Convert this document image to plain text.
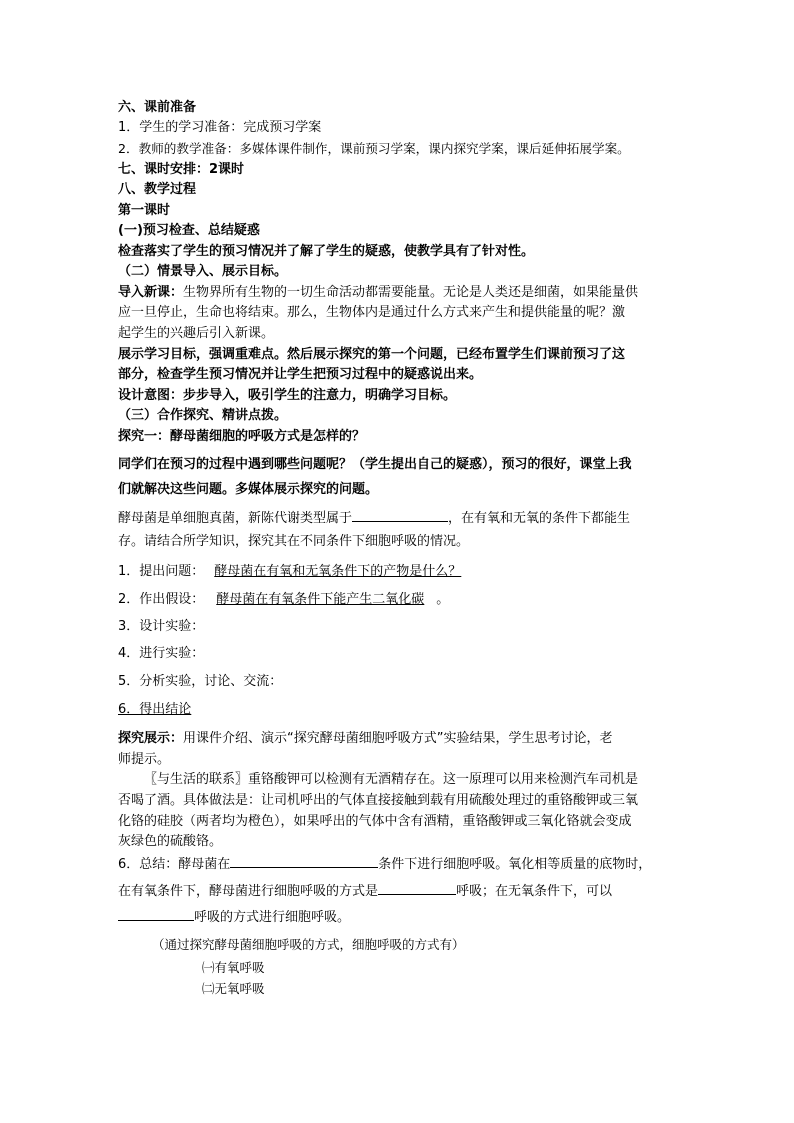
六、课前准备
1．学生的学习准备：完成预习学案
2．教师的教学准备：多媒体课件制作，课前预习学案，课内探究学案，课后延伸拓展学案。
七、课时安排：2课时
八、教学过程
第一课时
(一)预习检查、总结疑惑
检查落实了学生的预习情况并了解了学生的疑惑，使教学具有了针对性。
（二）情景导入、展示目标。
导入新课：生物界所有生物的一切生命活动都需要能量。无论是人类还是细菌，如果能量供
应一旦停止，生命也将结束。那么，生物体内是通过什么方式来产生和提供能量的呢？激
起学生的兴趣后引入新课。
展示学习目标，强调重难点。然后展示探究的第一个问题，已经布置学生们课前预习了这
部分，检查学生预习情况并让学生把预习过程中的疑惑说出来。
设计意图：步步导入，吸引学生的注意力，明确学习目标。
（三）合作探究、精讲点拨。
探究一：酵母菌细胞的呼吸方式是怎样的？
同学们在预习的过程中遇到哪些问题呢？（学生提出自己的疑惑），预习的很好，课堂上我
们就解决这些问题。多媒体展示探究的问题。
酵母菌是单细胞真菌，新陈代谢类型属于	，在有氧和无氧的条件下都能生
存。请结合所学知识，探究其在不同条件下细胞呼吸的情况。
1．提出问题： 酵母菌在有氧和无氧条件下的产物是什么？
2．作出假设： 酵母菌在有氧条件下能产生二氧化碳 。
3．设计实验：
4．进行实验：
5．分析实验，讨论、交流：
6．得出结论
探究展示：用课件介绍、演示“探究酵母菌细胞呼吸方式”实验结果，学生思考讨论，老
师提示。
〖与生活的联系〗重铬酸钾可以检测有无酒精存在。这一原理可以用来检测汽车司机是
否喝了酒。具体做法是：让司机呼出的气体直接接触到载有用硫酸处理过的重铬酸钾或三氧
化铬的硅胶（两者均为橙色），如果呼出的气体中含有酒精，重铬酸钾或三氧化铬就会变成
灰绿色的硫酸铬。
6．总结：酵母菌在	条件下进行细胞呼吸。氧化相等质量的底物时，
在有氧条件下，酵母菌进行细胞呼吸的方式是	呼吸；在无氧条件下，可以
呼吸的方式进行细胞呼吸。
（通过探究酵母菌细胞呼吸的方式，细胞呼吸的方式有）
㈠有氧呼吸
㈡无氧呼吸
